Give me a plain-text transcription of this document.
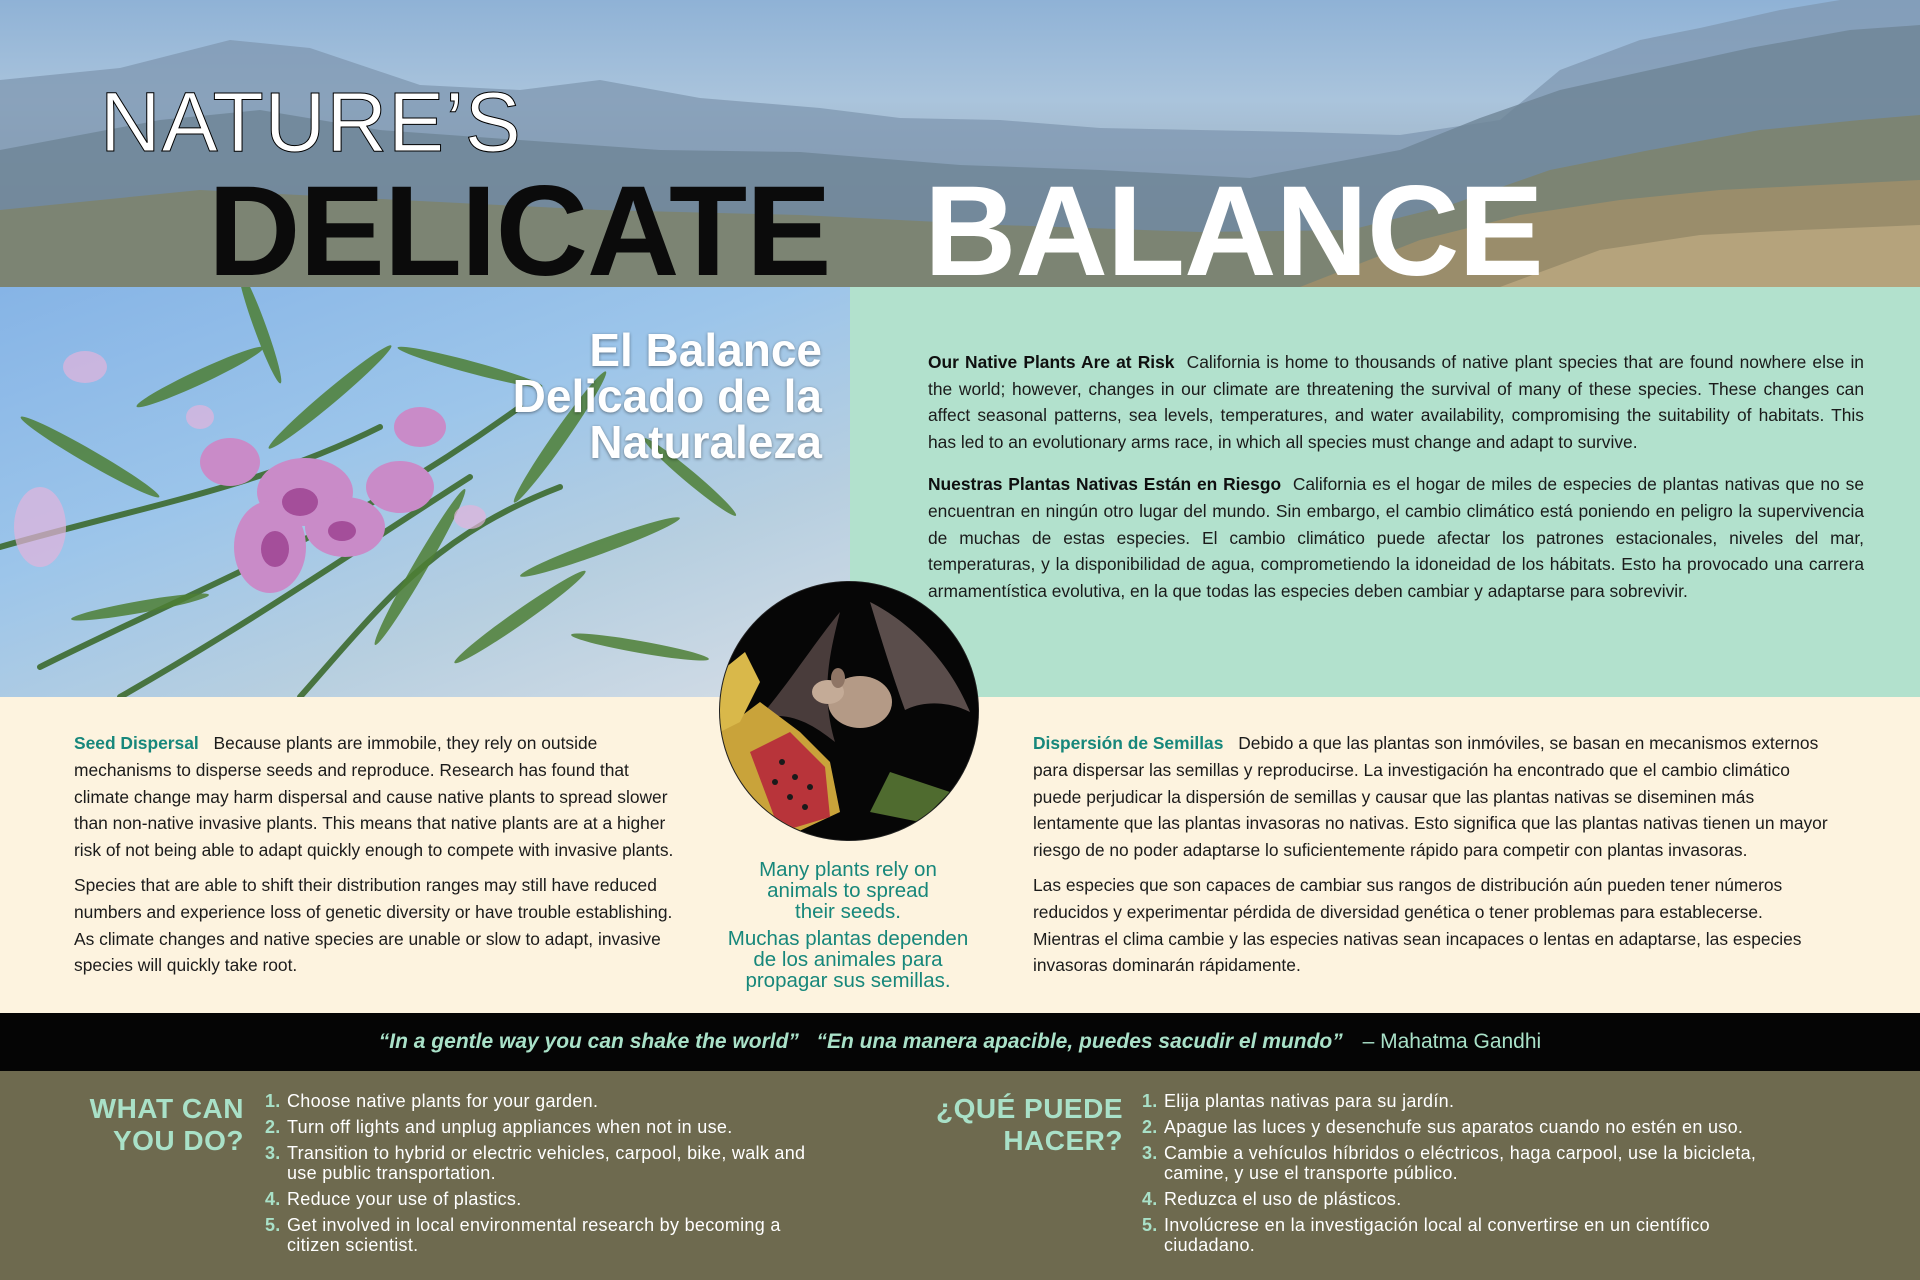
NATURE’S
DELICATE BALANCE
El Balance
Delicado de la
Naturaleza

Our Native Plants Are at Risk California is home to thousands of native plant species that are found nowhere else in the world; however, changes in our climate are threatening the survival of many of these species. These changes can affect seasonal patterns, sea levels, temperatures, and water availability, compromising the suitability of habitats. This has led to an evolutionary arms race, in which all species must change and adapt to survive.

Nuestras Plantas Nativas Están en Riesgo California es el hogar de miles de especies de plantas nativas que no se encuentran en ningún otro lugar del mundo. Sin embargo, el cambio climático está poniendo en peligro la supervivencia de muchas de estas especies. El cambio climático puede afectar los patrones estacionales, niveles del mar, temperaturas, y la disponibilidad de agua, comprometiendo la idoneidad de los hábitats. Esto ha provocado una carrera armamentística evolutiva, en la que todas las especies deben cambiar y adaptarse para sobrevivir.

Seed Dispersal Because plants are immobile, they rely on outside mechanisms to disperse seeds and reproduce. Research has found that climate change may harm dispersal and cause native plants to spread slower than non-native invasive plants. This means that native plants are at a higher risk of not being able to adapt quickly enough to compete with invasive plants.

Species that are able to shift their distribution ranges may still have reduced numbers and experience loss of genetic diversity or have trouble establishing. As climate changes and native species are unable or slow to adapt, invasive species will quickly take root.

Many plants rely on
animals to spread
their seeds.
Muchas plantas dependen
de los animales para
propagar sus semillas.

Dispersión de Semillas Debido a que las plantas son inmóviles, se basan en mecanismos externos para dispersar las semillas y reproducirse. La investigación ha encontrado que el cambio climático puede perjudicar la dispersión de semillas y causar que las plantas nativas se diseminen más lentamente que las plantas invasoras no nativas. Esto significa que las plantas nativas tienen un mayor riesgo de no poder adaptarse lo suficientemente rápido para competir con plantas invasoras.

Las especies que son capaces de cambiar sus rangos de distribución aún pueden tener números reducidos y experimentar pérdida de diversidad genética o tener problemas para establecerse. Mientras el clima cambie y las especies nativas sean incapaces o lentas en adaptarse, las especies invasoras dominarán rápidamente.

“In a gentle way you can shake the world” “En una manera apacible, puedes sacudir el mundo” – Mahatma Gandhi
WHAT CAN
YOU DO?
1. Choose native plants for your garden.
2. Turn off lights and unplug appliances when not in use.
3. Transition to hybrid or electric vehicles, carpool, bike, walk and use public transportation.
4. Reduce your use of plastics.
5. Get involved in local environmental research by becoming a citizen scientist.
¿QUÉ PUEDE
HACER?
1. Elija plantas nativas para su jardín.
2. Apague las luces y desenchufe sus aparatos cuando no estén en uso.
3. Cambie a vehículos híbridos o eléctricos, haga carpool, use la bicicleta, camine, y use el transporte público.
4. Reduzca el uso de plásticos.
5. Involúcrese en la investigación local al convertirse en un científico ciudadano.
